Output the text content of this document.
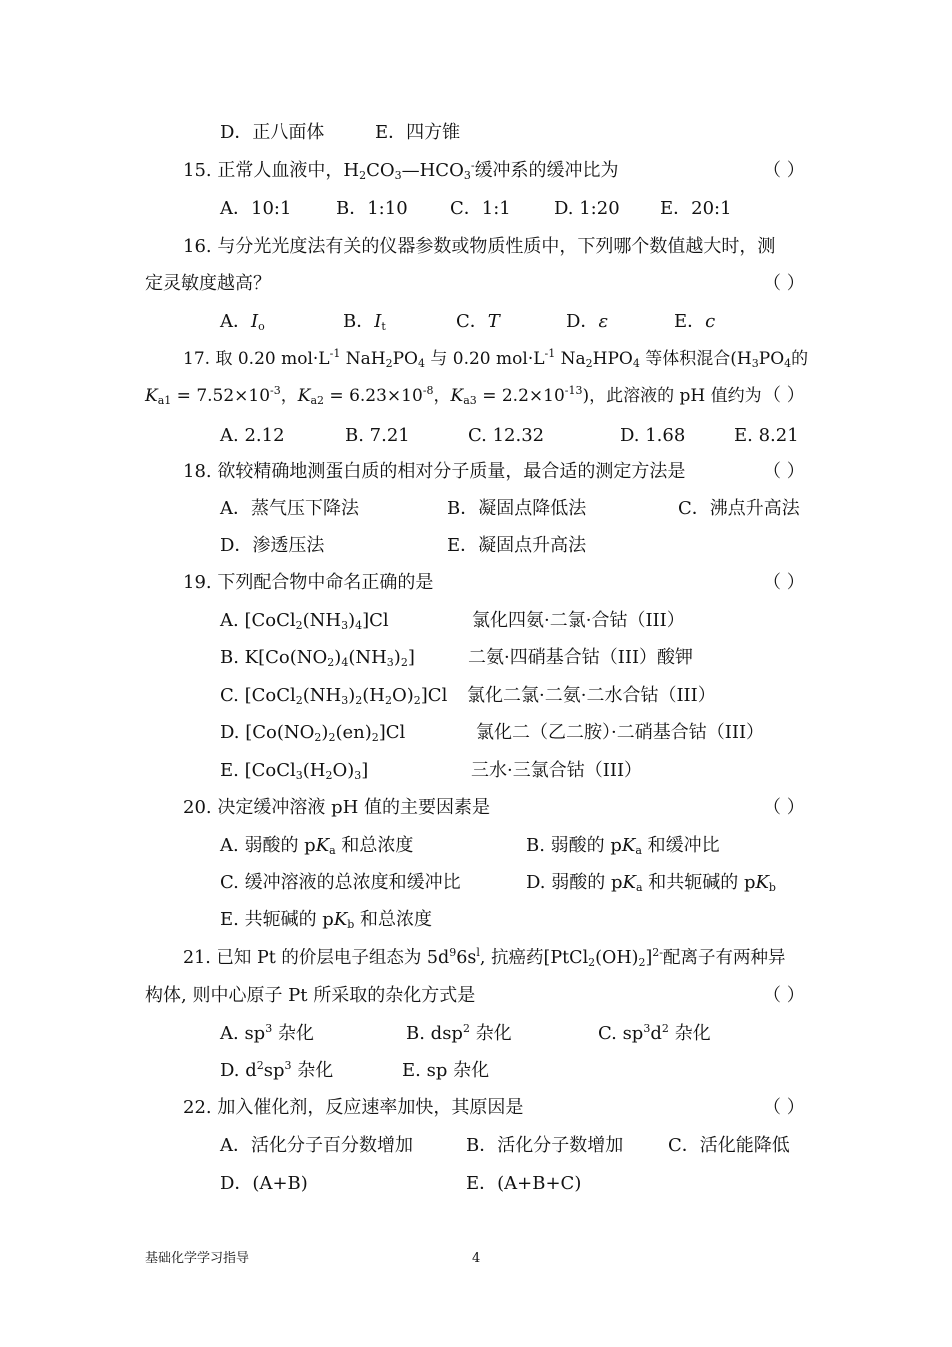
D．正八面体	E．四方锥
15. 正常人血液中，$H_2CO_3—HCO_3^-$缓冲系的缓冲比为	（ ）
A．10:1 B．1:10 C．1:1 D. 1:20 E．20:1
16. 与分光光度法有关的仪器参数或物质性质中，下列哪个数值越大时，测
定灵敏度越高？	（ ）
A．$I_o$	B．$I_t$	C．T	D．ε	E．c
17. 取 0.20 $mol\cdot L^{-1}$ $NaH_2PO_4$ 与 0.20 $mol\cdot L^{-1}$ $Na_2HPO_4$ 等体积混合($H_3PO_4$的
$K_{a1} = 7.52\times 10^{-3}$，$K_{a2} = 6.23\times 10^{-8}$，$K_{a3} = 2.2\times 10^{-13}$)，此溶液的 pH 值约为 （ ）
A. 2.12	B. 7.21	C. 12.32	D. 1.68	E. 8.21
18. 欲较精确地测蛋白质的相对分子质量，最合适的测定方法是	（ ）
A．蒸气压下降法	B．凝固点降低法	C．沸点升高法
D．渗透压法	E．凝固点升高法
19. 下列配合物中命名正确的是	（ ）
A. $[CoCl_2(NH_3)_4]Cl$	氯化四氨·二氯·合钴（III）
B. $K[Co(NO_2)_4(NH_3)_2]$	二氨·四硝基合钴（III）酸钾
C. $[CoCl_2(NH_3)_2(H_2O)_2]Cl$ 氯化二氯·二氨·二水合钴（III）
D. $[Co(NO_2)_2(en)_2]Cl$	氯化二（乙二胺）·二硝基合钴（III）
E. $[CoCl_3(H_2O)_3]$	三水·三氯合钴（III）
20. 决定缓冲溶液 pH 值的主要因素是	（ ）
A. 弱酸的 $pK_a$ 和总浓度	B. 弱酸的 $pK_a$ 和缓冲比
C. 缓冲溶液的总浓度和缓冲比	D. 弱酸的 $pK_a$ 和共轭碱的 $pK_b$
E. 共轭碱的 $pK_b$ 和总浓度
21. 已知 Pt 的价层电子组态为 $5d^96s^l$, 抗癌药$[PtCl_2(OH)_2]^{2-}$配离子有两种异
构体, 则中心原子 Pt 所采取的杂化方式是	（ ）
A. $sp^3$ 杂化	B. dsp$^2$ 杂化	C. $sp^3d^2$ 杂化
D. $d^2sp^3$ 杂化	E. sp 杂化
22. 加入催化剂，反应速率加快，其原因是	（ ）
A．活化分子百分数增加	B．活化分子数增加 C．活化能降低
D．(A+B)	E．(A+B+C)
基础化学学习指导	4
